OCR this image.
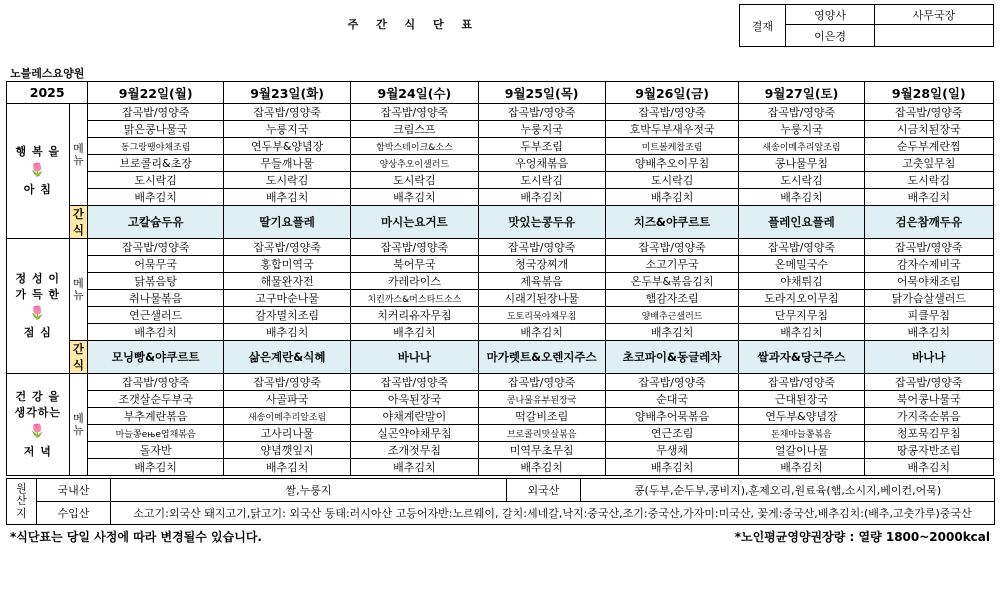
	주 간 식 단 표		결재	영양사	사무국장
이은경	

노블레스요양원	
2025	9월22일(월)	9월23일(화)	9월24일(수)	9월25일(목)	9월26일(금)	9월27일(토)	9월28일(일)
행 복 을

🌷
아 침	메
뉴	잡곡밥/영양죽	잡곡밥/영양죽	잡곡밥/영양죽	잡곡밥/영양죽	잡곡밥/영양죽	잡곡밥/영양죽	잡곡밥/영양죽
맑은콩나물국	누룽지국	크림스프	누룽지국	호박두부새우젓국	누룽지국	시금치된장국
동그랑땡야채조림	연두부&양념장	함박스테이크&소스	두부조림	미트볼케찹조림	새송이메추리알조림	순두부계란찜
브로콜리&초장	무들깨나물	양상추오이샐러드	우엉채볶음	양배추오이무침	콩나물무침	고춧잎무침
도시락김	도시락김	도시락김	도시락김	도시락김	도시락김	도시락김
배추김치	배추김치	배추김치	배추김치	배추김치	배추김치	배추김치
간식	고칼슘두유	딸기요플레	마시는요거트	맛있는콩두유	치즈&야쿠르트	플레인요플레	검은참깨두유
정 성 이
가 득 한
🌷
점 심	메
뉴	잡곡밥/영양죽	잡곡밥/영양죽	잡곡밥/영양죽	잡곡밥/영양죽	잡곡밥/영양죽	잡곡밥/영양죽	잡곡밥/영양죽
어묵무국	홍합미역국	북어무국	청국장찌개	소고기무국	온메밀국수	감자수제비국
닭볶음탕	해물완자전	카레라이스	제육볶음	온두부&볶음김치	야채튀김	어묵야채조림
취나물볶음	고구마순나물	치킨까스&머스타드소스	시래기된장나물	햄감자조림	도라지오이무침	닭가슴살샐러드
연근샐러드	감자멸치조림	치커리유자무침	도토리묵야채무침	양배추근샐러드	단무지무침	피클무침
배추김치	배추김치	배추김치	배추김치	배추김치	배추김치	배추김치
간식	모닝빵&야쿠르트	삶은계란&식혜	바나나	마가렛트&오렌지주스	초코파이&동글레차	쌀과자&당근주스	바나나
건 강 을
생각하는
🌷
저 녁	메
뉴	잡곡밥/영양죽	잡곡밥/영양죽	잡곡밥/영양죽	잡곡밥/영양죽	잡곡밥/영양죽	잡곡밥/영양죽	잡곡밥/영양죽
조갯살순두부국	사골파국	아욱된장국	콩나물유부된장국	순대국	근대된장국	북어콩나물국
부추계란볶음	새송이메추리알조림	야채계란말이	떡갈비조림	양배추어묵볶음	연두부&양념장	가지죽순볶음
마늘쫑ење엽채볶음	고사리나물	실곤약야채무침	브로콜리맛살볶음	연근조림	돈채마늘쫑볶음	청포묵김무침
돌자반	양념깻잎지	조개젓무침	미역무초무침	무생채	얼갈이나물	땅콩자반조림
배추김치	배추김치	배추김치	배추김치	배추김치	배추김치	배추김치
원
산
지	국내산	쌀,누룽지	외국산	콩(두부,순두부,콩비지),훈제오리,원료육(햄,소시지,베이컨,어묵)
	수입산	소고기:외국산 돼지고기,닭고기: 외국산 동태:러시아산 고등어자반:노르웨이, 갈치:세네갈,낙지:중국산,조기:중국산,가자미:미국산, 꽃게:중국산,배추김치:(배추,고춧가루)중국산		
*식단표는 당일 사정에 따라 변경될수 있습니다.	*노인평균영양권장량 : 열량 1800~2000kcal
